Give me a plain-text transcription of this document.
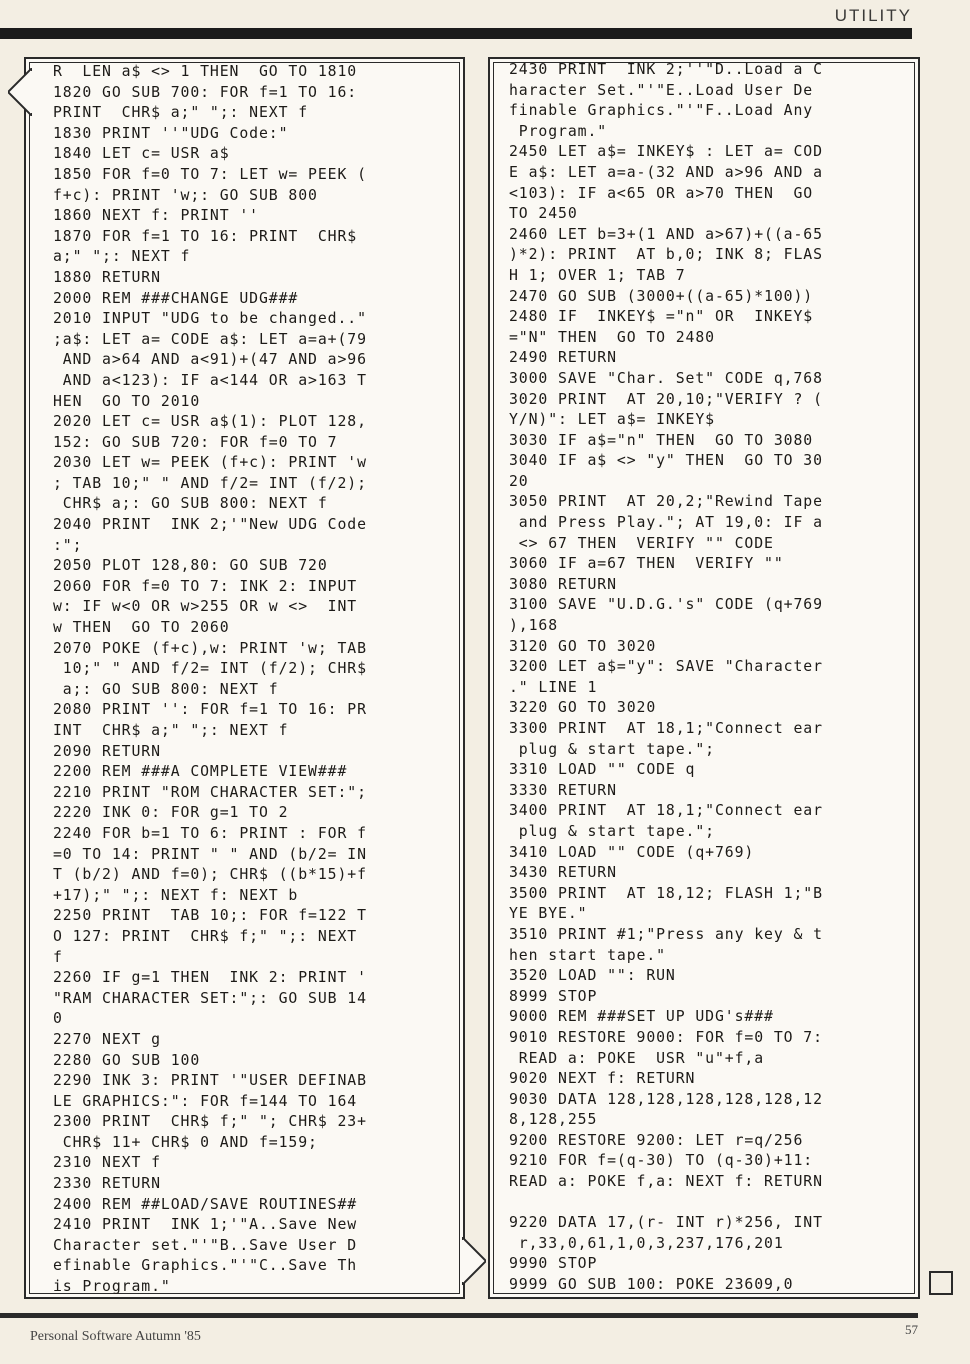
UTILITY
R  LEN a$ <> 1 THEN  GO TO 1810
1820 GO SUB 700: FOR f=1 TO 16:
PRINT  CHR$ a;" ";: NEXT f
1830 PRINT ''"UDG Code:"
1840 LET c= USR a$
1850 FOR f=0 TO 7: LET w= PEEK (
f+c): PRINT 'w;: GO SUB 800
1860 NEXT f: PRINT ''
1870 FOR f=1 TO 16: PRINT  CHR$
a;" ";: NEXT f
1880 RETURN
2000 REM ###CHANGE UDG###
2010 INPUT "UDG to be changed.."
;a$: LET a= CODE a$: LET a=a+(79
AND a>64 AND a<91)+(47 AND a>96
AND a<123): IF a<144 OR a>163 T
HEN  GO TO 2010
2020 LET c= USR a$(1): PLOT 128,
152: GO SUB 720: FOR f=0 TO 7
2030 LET w= PEEK (f+c): PRINT 'w
; TAB 10;" " AND f/2= INT (f/2);
CHR$ a;: GO SUB 800: NEXT f
2040 PRINT  INK 2;'"New UDG Code
:";
2050 PLOT 128,80: GO SUB 720
2060 FOR f=0 TO 7: INK 2: INPUT
w: IF w<0 OR w>255 OR w <>  INT
w THEN  GO TO 2060
2070 POKE (f+c),w: PRINT 'w; TAB
10;" " AND f/2= INT (f/2); CHR$
a;: GO SUB 800: NEXT f
2080 PRINT '': FOR f=1 TO 16: PR
INT  CHR$ a;" ";: NEXT f
2090 RETURN
2200 REM ###A COMPLETE VIEW###
2210 PRINT "ROM CHARACTER SET:";
2220 INK 0: FOR g=1 TO 2
2240 FOR b=1 TO 6: PRINT : FOR f
=0 TO 14: PRINT " " AND (b/2= IN
T (b/2) AND f=0); CHR$ ((b*15)+f
+17);" ";: NEXT f: NEXT b
2250 PRINT  TAB 10;: FOR f=122 T
O 127: PRINT  CHR$ f;" ";: NEXT
f
2260 IF g=1 THEN  INK 2: PRINT '
"RAM CHARACTER SET:";: GO SUB 14
0
2270 NEXT g
2280 GO SUB 100
2290 INK 3: PRINT '"USER DEFINAB
LE GRAPHICS:": FOR f=144 TO 164
2300 PRINT  CHR$ f;" "; CHR$ 23+
CHR$ 11+ CHR$ 0 AND f=159;
2310 NEXT f
2330 RETURN
2400 REM ##LOAD/SAVE ROUTINES##
2410 PRINT  INK 1;'"A..Save New
Character set."'"B..Save User D
efinable Graphics."'"C..Save Th
is Program."
2430 PRINT  INK 2;''"D..Load a C
haracter Set."'"E..Load User De
finable Graphics."'"F..Load Any
Program."
2450 LET a$= INKEY$ : LET a= COD
E a$: LET a=a-(32 AND a>96 AND a
<103): IF a<65 OR a>70 THEN  GO
TO 2450
2460 LET b=3+(1 AND a>67)+((a-65
)*2): PRINT  AT b,0; INK 8; FLAS
H 1; OVER 1; TAB 7
2470 GO SUB (3000+((a-65)*100))
2480 IF  INKEY$ ="n" OR  INKEY$
="N" THEN  GO TO 2480
2490 RETURN
3000 SAVE "Char. Set" CODE q,768
3020 PRINT  AT 20,10;"VERIFY ? (
Y/N)": LET a$= INKEY$
3030 IF a$="n" THEN  GO TO 3080
3040 IF a$ <> "y" THEN  GO TO 30
20
3050 PRINT  AT 20,2;"Rewind Tape
and Press Play."; AT 19,0: IF a
<> 67 THEN  VERIFY "" CODE
3060 IF a=67 THEN  VERIFY ""
3080 RETURN
3100 SAVE "U.D.G.'s" CODE (q+769
),168
3120 GO TO 3020
3200 LET a$="y": SAVE "Character
." LINE 1
3220 GO TO 3020
3300 PRINT  AT 18,1;"Connect ear
plug & start tape.";
3310 LOAD "" CODE q
3330 RETURN
3400 PRINT  AT 18,1;"Connect ear
plug & start tape.";
3410 LOAD "" CODE (q+769)
3430 RETURN
3500 PRINT  AT 18,12; FLASH 1;"B
YE BYE."
3510 PRINT #1;"Press any key & t
hen start tape."
3520 LOAD "": RUN
8999 STOP
9000 REM ###SET UP UDG's###
9010 RESTORE 9000: FOR f=0 TO 7:
READ a: POKE  USR "u"+f,a
9020 NEXT f: RETURN
9030 DATA 128,128,128,128,128,12
8,128,255
9200 RESTORE 9200: LET r=q/256
9210 FOR f=(q-30) TO (q-30)+11:
READ a: POKE f,a: NEXT f: RETURN
9220 DATA 17,(r- INT r)*256, INT
r,33,0,61,1,0,3,237,176,201
9990 STOP
9999 GO SUB 100: POKE 23609,0
Personal Software Autumn '85	57
